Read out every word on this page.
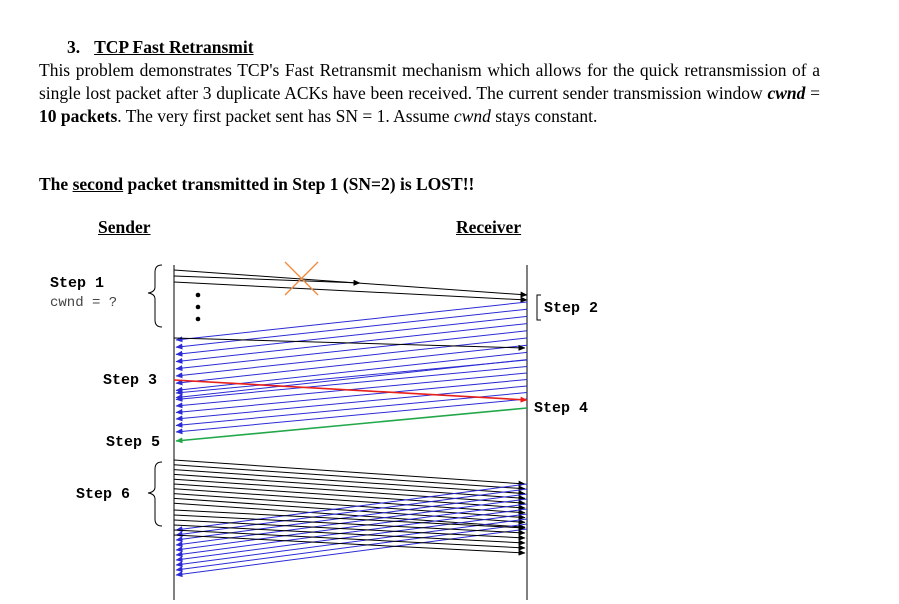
3. TCP Fast Retransmit
This problem demonstrates TCP's Fast Retransmit mechanism which allows for the quick retransmission of a single lost packet after 3 duplicate ACKs have been received. The current sender transmission window cwnd = 10 packets. The very first packet sent has SN = 1. Assume cwnd stays constant.
The second packet transmitted in Step 1 (SN=2) is LOST!!
Sender	Receiver
Step 1
cwnd = ?	Step 2
Step 3
Step 4
Step 5
Step 6
